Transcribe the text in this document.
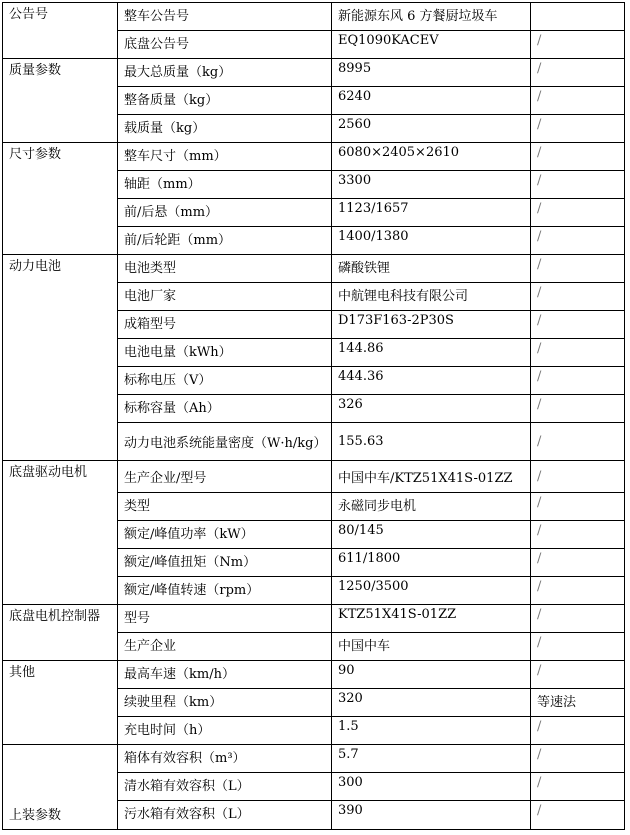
公告号	整车公告号	新能源东风 6 方餐厨垃圾车	

	底盘公告号	EQ1090KACEV	/

质量参数	最大总质量（kg）	8995	/

	整备质量（kg）	6240	/

	载质量（kg）	2560	/

尺寸参数	整车尺寸（mm）	6080×2405×2610	/

	轴距（mm）	3300	/

	前/后悬（mm）	1123/1657	/

	前/后轮距（mm）	1400/1380	/

动力电池	电池类型	磷酸铁锂	/

	电池厂家	中航锂电科技有限公司	/

	成箱型号	D173F163-2P30S	/

	电池电量（kWh）	144.86	/

	标称电压（V）	444.36	/

	标称容量（Ah）	326	/

	动力电池系统能量密度（W·h/kg）	155.63	/
底盘驱动电机	生产企业/型号	中国中车/KTZ51X41S-01ZZ	/

	类型	永磁同步电机	/

	额定/峰值功率（kW）	80/145	/

	额定/峰值扭矩（Nm）	611/1800	/

	额定/峰值转速（rpm）	1250/3500	/

底盘电机控制器	型号	KTZ51X41S-01ZZ	/

	生产企业	中国中车	/

其他	最高车速（km/h）	90	/

	续驶里程（km）	320	等速法

	充电时间（h）	1.5	/

上装参数	箱体有效容积（m³）	5.7	/

	清水箱有效容积（L）	300	/

	污水箱有效容积（L）	390	/
